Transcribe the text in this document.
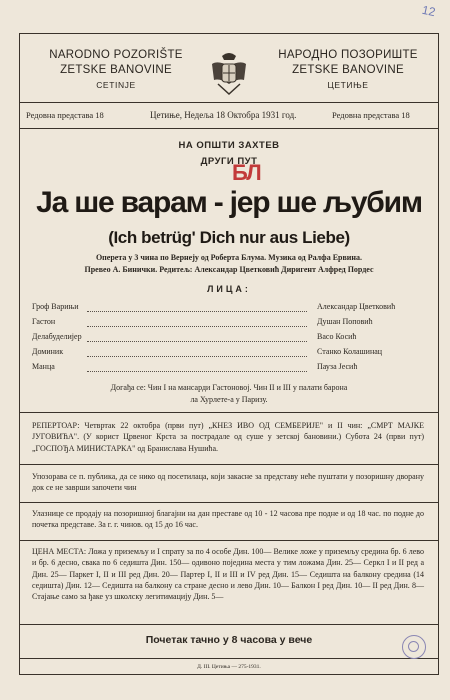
12
NARODNO POZORIŠTE
ZETSKE BANOVINE
CETINJE
НАРОДНО ПОЗОРИШТЕ
ZETSKE BANOVINE
ЦЕТИЊЕ
Редовна представа 18	Цетиње, Недеља 18 Октобра 1931 год.	Редовна представа 18
НА ОПШТИ ЗАХТЕВ
ДРУГИ ПУТ
БЛ
Ја ше варам - јер ше љубим
(Ich betrüg' Dich nur aus Liebe)
Оперета у 3 чина по Вернеју од Роберта Блума. Музика од Ралфа Ервина.
Превео А. Бинички. Редитељ: Александар Цветковић Диригент Алфред Пордес
ЛИЦА:
Гроф Варињи	Александар Цветковић
Гастон	Душан Поповић
Делабуделијер	Васо Косић
Доминик	Станко Колашинац
Манца	Пауза Јесић
Догађа се: Чин I на мансарди Гастоновој. Чин II и III у палати барона
ла Хурлете-а у Паризу.
РЕПЕРТОАР: Четвртак 22 октобра (први пут) „КНЕЗ ИВО ОД СЕМБЕРИЈЕ" и II чин: „СМРТ МАЈКЕ ЈУГОВИЋА". (У корист Црвеног Крста за пострадале од суше у зетској бановини.) Субота 24 (први пут) „ГОСПОЂА МИНИСТАРКА" од Бранислава Нушића.
Упозорава се п. публика, да се нико од посетилаца, који закасне за представу неће пуштати у позоришну дворану док се не заврши започети чин
Улазнице се продају на позоришној благајни на дан преставе од 10 - 12 часова пре подне и од 18 час. по подне до почетка представе. За г. г. чинов. од 15 до 16 час.
ЦЕНА МЕСТА: Ложа у приземљу и I спрату за по 4 особе Дин. 100— Велике ложе у приземљу средина бр. 6 лево и бр. 6 десно, свака по 6 седишта Дин. 150— одивоно поједина места у тим ложама Дин. 25— Серкл I и II ред а Дин. 25— Паркет I, II и III ред Дин. 20— Партер I, II и III и IV ред Дин. 15— Седишта на балкону средина (14 седишта) Дин. 12— Седишта на балкону са стране десно и лево Дин. 10— Балкон I ред Дин. 10— II ред Дин. 8— Стајање само за ђаке уз школску легитимацију Дин. 5—
Почетак тачно у 8 часова у вече
Д. III. Цетиња — 275-1931.
